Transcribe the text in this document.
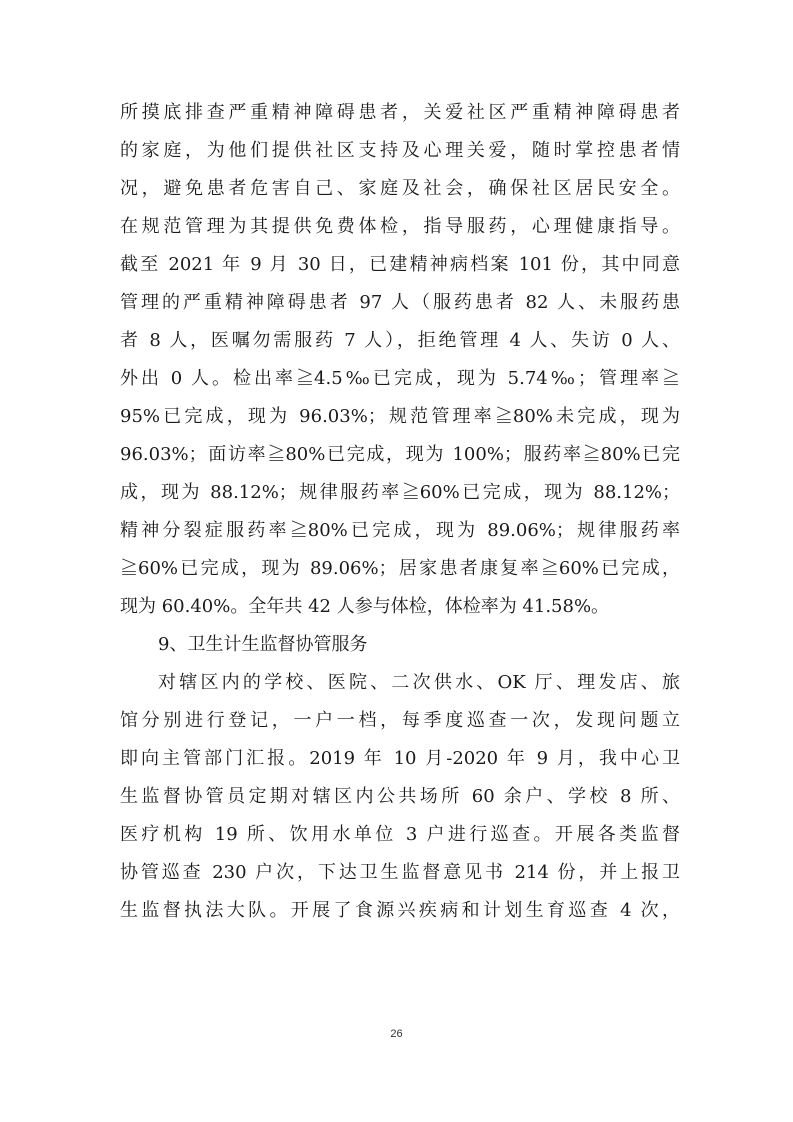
所摸底排查严重精神障碍患者，关爱社区严重精神障碍患者
的家庭，为他们提供社区支持及心理关爱，随时掌控患者情
况，避免患者危害自己、家庭及社会，确保社区居民安全。
在规范管理为其提供免费体检，指导服药，心理健康指导。
截至 2021 年 9 月 30 日，已建精神病档案 101 份，其中同意
管理的严重精神障碍患者 97 人（服药患者 82 人、未服药患
者 8 人，医嘱勿需服药 7 人），拒绝管理 4 人、失访 0 人、
外出 0 人。检出率≧4.5‰已完成，现为 5.74‰；管理率≧
95%已完成，现为 96.03%；规范管理率≧80%未完成，现为
96.03%；面访率≧80%已完成，现为 100%；服药率≧80%已完
成，现为 88.12%；规律服药率≧60%已完成，现为 88.12%；
精神分裂症服药率≧80%已完成，现为 89.06%；规律服药率
≧60%已完成，现为 89.06%；居家患者康复率≧60%已完成，
现为 60.40%。全年共 42 人参与体检，体检率为 41.58%。
9、卫生计生监督协管服务
对辖区内的学校、医院、二次供水、OK 厅、理发店、旅
馆分别进行登记，一户一档，每季度巡查一次，发现问题立
即向主管部门汇报。2019 年 10 月-2020 年 9 月，我中心卫
生监督协管员定期对辖区内公共场所 60 余户、学校 8 所、
医疗机构 19 所、饮用水单位 3 户进行巡查。开展各类监督
协管巡查 230 户次，下达卫生监督意见书 214 份，并上报卫
生监督执法大队。开展了食源兴疾病和计划生育巡查 4 次，
26
